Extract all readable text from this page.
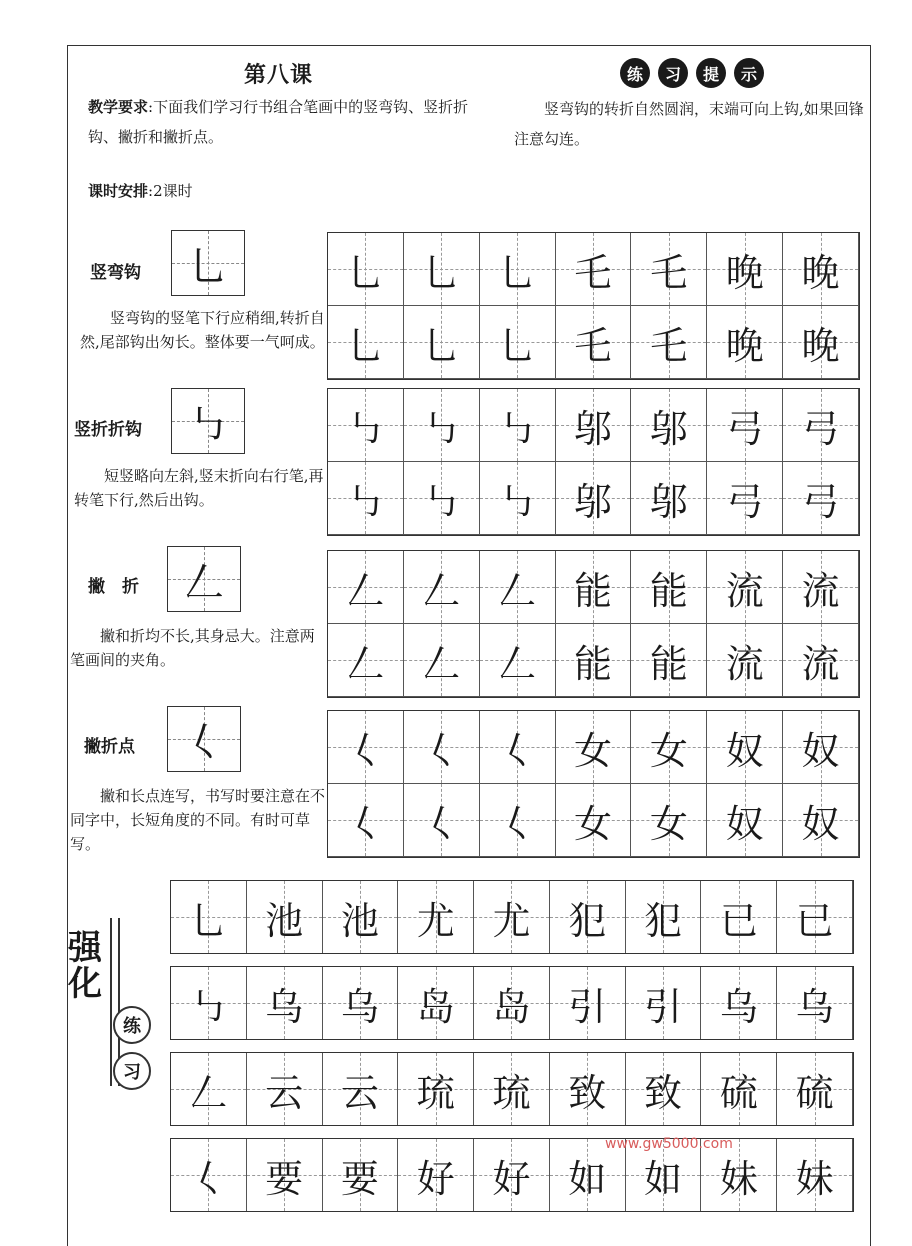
第八课
教学要求:下面我们学习行书组合笔画中的竖弯钩、竖折折钩、撇折和撇折点。
课时安排:2课时
练	习	提	示
竖弯钩的转折自然圆润，末端可向上钩,如果回锋注意勾连。
竖弯钩	乚
竖弯钩的竖笔下行应稍细,转折自然,尾部钩出匆长。整体要一气呵成。
乚 乚 乚 乇 乇 晚 晚
乚 乚 乚 乇 乇 晚 晚
竖折折钩	㇉
短竖略向左斜,竖末折向右行笔,再转笔下行,然后出钩。
㇉ ㇉ ㇉ 邬 邬 弓 弓
㇉ ㇉ ㇉ 邬 邬 弓 弓
撇　折	𠃋
撇和折均不长,其身忌大。注意两笔画间的夹角。
𠃋 𠃋 𠃋 能 能 流 流
𠃋 𠃋 𠃋 能 能 流 流
撇折点	𡿨
撇和长点连写，书写时要注意在不同字中，长短角度的不同。有时可草写。
𡿨 𡿨 𡿨 女 女 奴 奴
𡿨 𡿨 𡿨 女 女 奴 奴
强化
练
习
乚 池 池 尤 尤 犯 犯 已 已
㇉ 乌 乌 岛 岛 引 引 乌 乌
𠃋 云 云 琉 琉 致 致 硫 硫
𡿨 要 要 好 好 如 如 妹 妹
www.gw5000.com
